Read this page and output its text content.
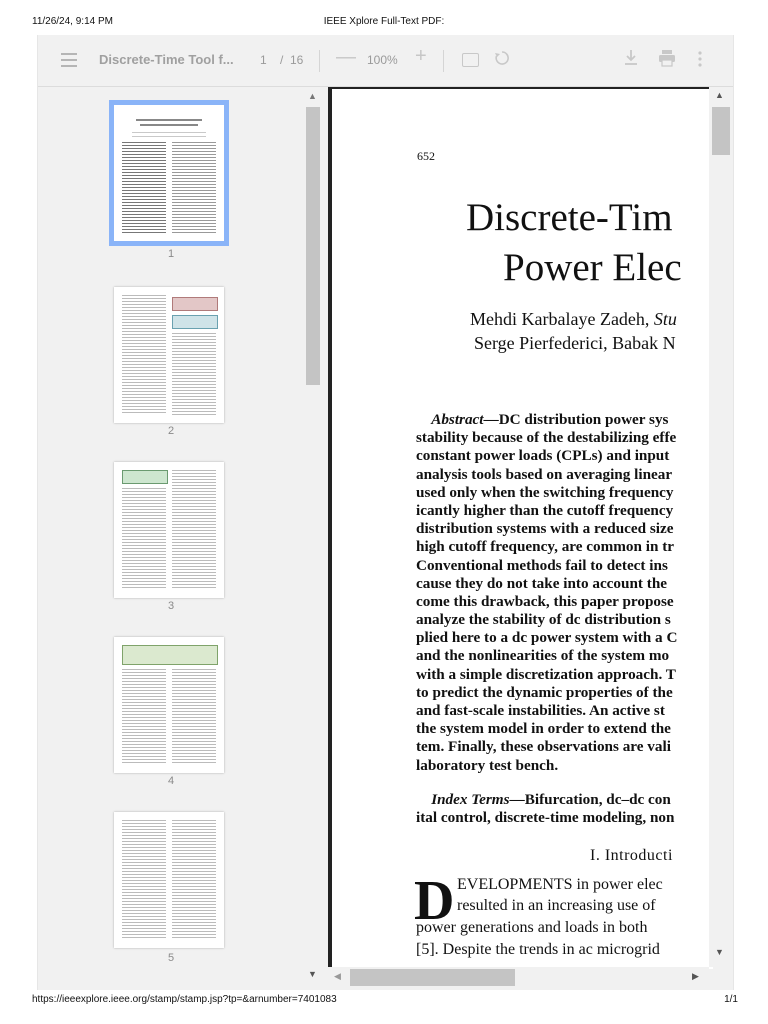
11/26/24, 9:14 PM	IEEE Xplore Full-Text PDF:
Discrete-Time Tool f... 1 / 16 — 100% +
1
2
3
4
5
▲
▼
652
Discrete-Tim
Power Elec
Mehdi Karbalaye Zadeh, Stu
Serge Pierfederici, Babak N
Abstract—DC distribution power sys
stability because of the destabilizing effe
constant power loads (CPLs) and input
analysis tools based on averaging linear
used only when the switching frequency
icantly higher than the cutoff frequency
distribution systems with a reduced size
high cutoff frequency, are common in tr
Conventional methods fail to detect ins
cause they do not take into account the
come this drawback, this paper propose
analyze the stability of dc distribution s
plied here to a dc power system with a C
and the nonlinearities of the system mo
with a simple discretization approach. T
to predict the dynamic properties of the
and fast-scale instabilities. An active st
the system model in order to extend the
tem. Finally, these observations are vali
laboratory test bench.
Index Terms—Bifurcation, dc–dc con
ital control, discrete-time modeling, non
I. Introducti
D EVELOPMENTS in power elec
resulted in an increasing use of
power generations and loads in both
[5]. Despite the trends in ac microgrid
▲
▼
◀	▶
https://ieeexplore.ieee.org/stamp/stamp.jsp?tp=&arnumber=7401083	1/1
